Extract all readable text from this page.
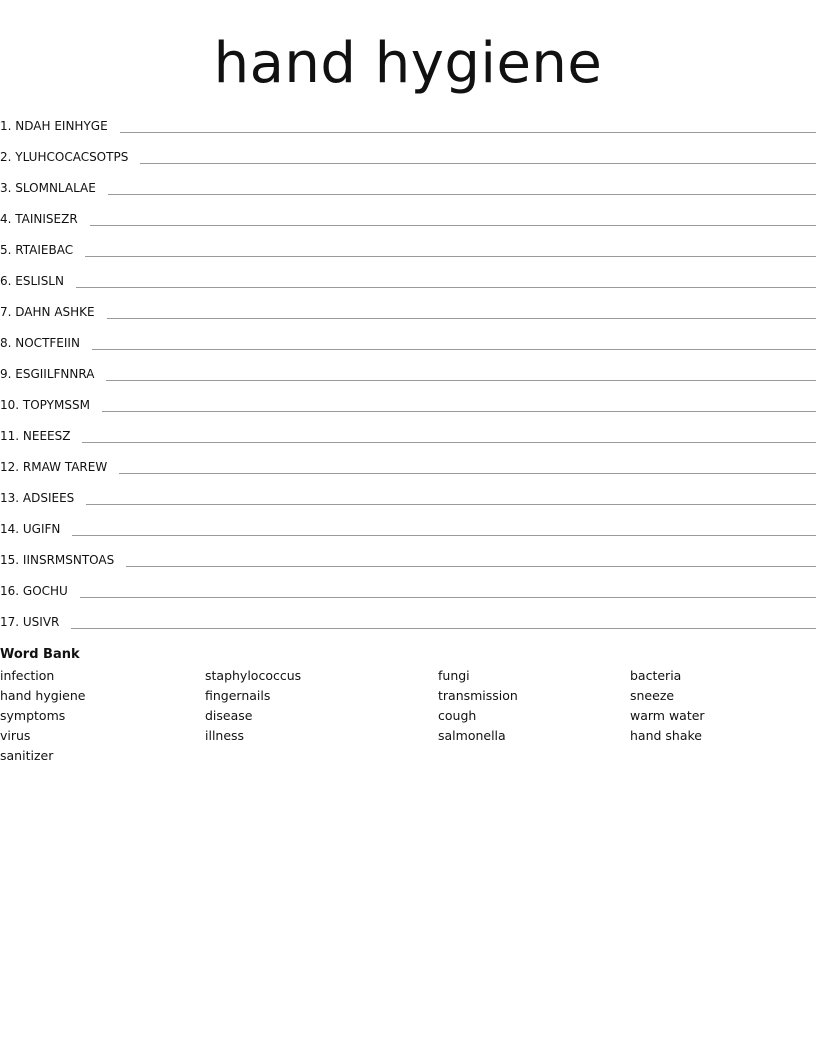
hand hygiene
1. NDAH EINHYGE
2. YLUHCOCACSOTPS
3. SLOMNLALAE
4. TAINISEZR
5. RTAIEBAC
6. ESLISLN
7. DAHN ASHKE
8. NOCTFEIIN
9. ESGIILFNNRA
10. TOPYMSSM
11. NEEESZ
12. RMAW TAREW
13. ADSIEES
14. UGIFN
15. IINSRMSNTOAS
16. GOCHU
17. USIVR
Word Bank
infection	staphylococcus	fungi	bacteria
hand hygiene	fingernails	transmission	sneeze
symptoms	disease	cough	warm water
virus	illness	salmonella	hand shake
sanitizer
